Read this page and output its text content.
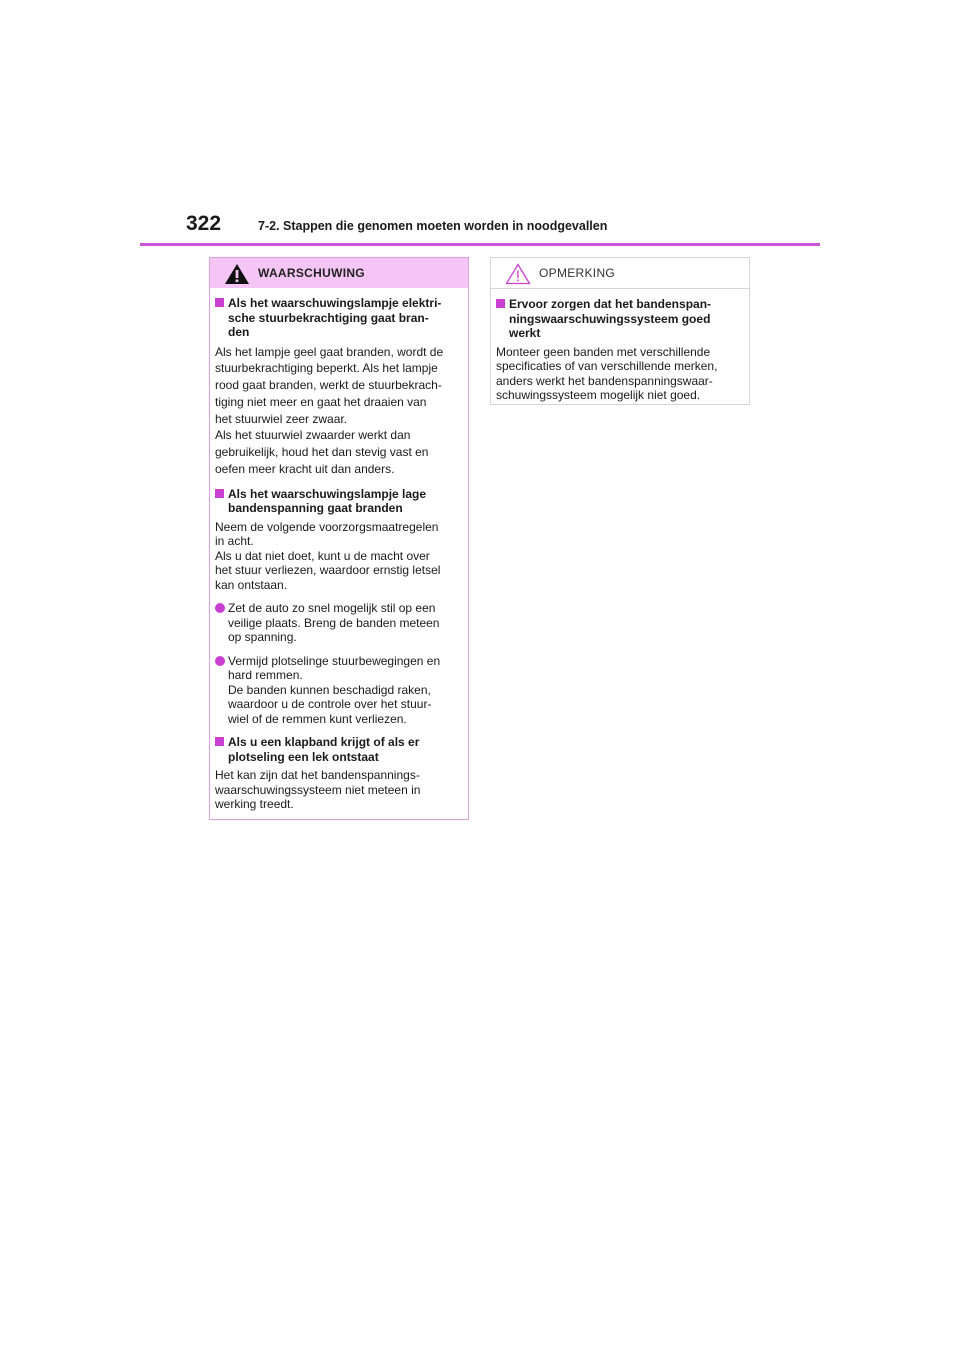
322	7-2. Stappen die genomen moeten worden in noodgevallen
WAARSCHUWING
Als het waarschuwingslampje elektri-
sche stuurbekrachtiging gaat bran-
den
Als het lampje geel gaat branden, wordt de
stuurbekrachtiging beperkt. Als het lampje
rood gaat branden, werkt de stuurbekrach-
tiging niet meer en gaat het draaien van
het stuurwiel zeer zwaar.
Als het stuurwiel zwaarder werkt dan
gebruikelijk, houd het dan stevig vast en
oefen meer kracht uit dan anders.
Als het waarschuwingslampje lage
bandenspanning gaat branden
Neem de volgende voorzorgsmaatregelen
in acht.
Als u dat niet doet, kunt u de macht over
het stuur verliezen, waardoor ernstig letsel
kan ontstaan.
Zet de auto zo snel mogelijk stil op een
veilige plaats. Breng de banden meteen
op spanning.
Vermijd plotselinge stuurbewegingen en
hard remmen.
De banden kunnen beschadigd raken,
waardoor u de controle over het stuur-
wiel of de remmen kunt verliezen.
Als u een klapband krijgt of als er
plotseling een lek ontstaat
Het kan zijn dat het bandenspannings-
waarschuwingssysteem niet meteen in
werking treedt.
OPMERKING
Ervoor zorgen dat het bandenspan-
ningswaarschuwingssysteem goed
werkt
Monteer geen banden met verschillende
specificaties of van verschillende merken,
anders werkt het bandenspanningswaar-
schuwingssysteem mogelijk niet goed.
